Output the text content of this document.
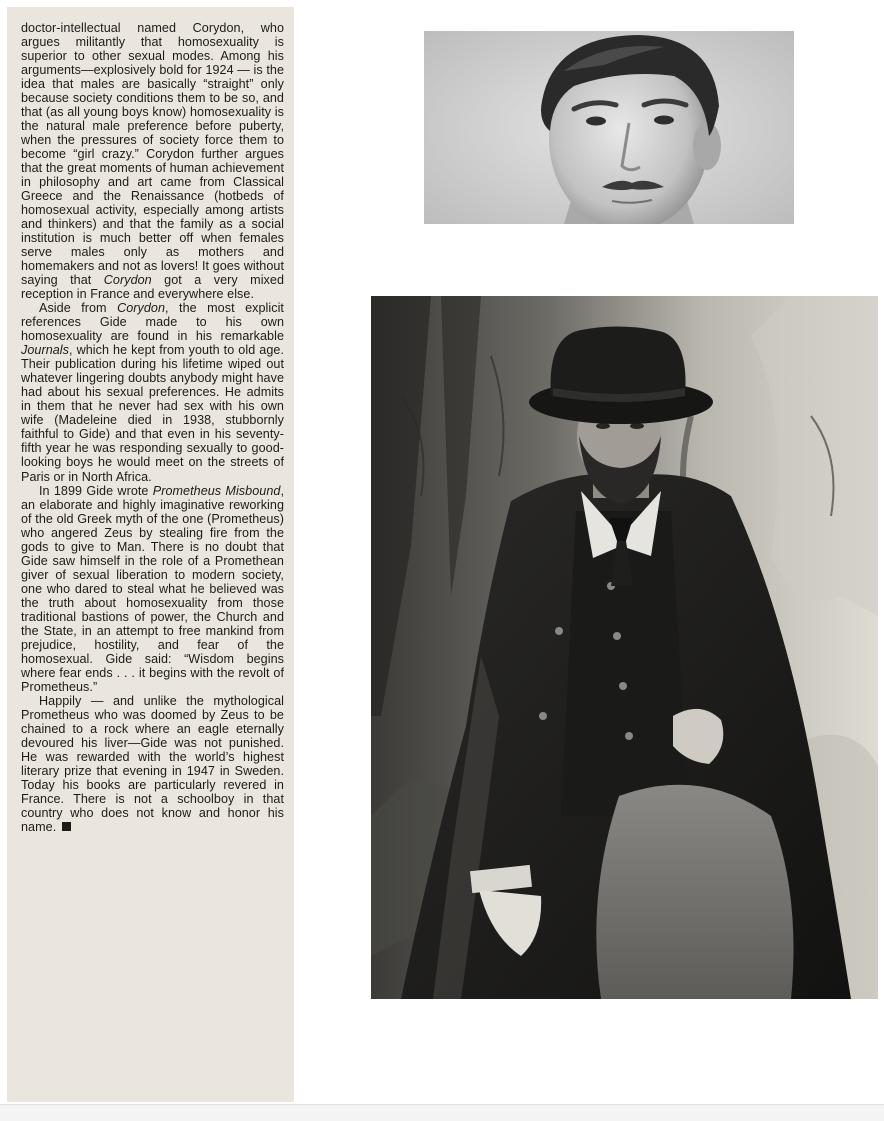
doctor-intellectual named Corydon, who argues militantly that homosexuality is superior to other sexual modes. Among his arguments—explosively bold for 1924 — is the idea that males are basically “straight” only because society conditions them to be so, and that (as all young boys know) homosexuality is the natural male preference before puberty, when the pressures of society force them to become “girl crazy.” Corydon further argues that the great moments of human achievement in philosophy and art came from Classical Greece and the Renaissance (hotbeds of homosexual activity, especially among artists and thinkers) and that the family as a social institution is much better off when females serve males only as mothers and homemakers and not as lovers! It goes without saying that Corydon got a very mixed reception in France and everywhere else.

Aside from Corydon, the most explicit references Gide made to his own homosexuality are found in his remarkable Journals, which he kept from youth to old age. Their publication during his lifetime wiped out whatever lingering doubts anybody might have had about his sexual preferences. He admits in them that he never had sex with his own wife (Madeleine died in 1938, stubbornly faithful to Gide) and that even in his seventy-fifth year he was responding sexually to good-looking boys he would meet on the streets of Paris or in North Africa.

In 1899 Gide wrote Prometheus Misbound, an elaborate and highly imaginative reworking of the old Greek myth of the one (Prometheus) who angered Zeus by stealing fire from the gods to give to Man. There is no doubt that Gide saw himself in the role of a Promethean giver of sexual liberation to modern society, one who dared to steal what he believed was the truth about homosexuality from those traditional bastions of power, the Church and the State, in an attempt to free mankind from prejudice, hostility, and fear of the homosexual. Gide said: “Wisdom begins where fear ends . . . it begins with the revolt of Prometheus.”

Happily — and unlike the mythological Prometheus who was doomed by Zeus to be chained to a rock where an eagle eternally devoured his liver—Gide was not punished. He was rewarded with the world’s highest literary prize that evening in 1947 in Sweden. Today his books are particularly revered in France. There is not a schoolboy in that country who does not know and honor his name.
